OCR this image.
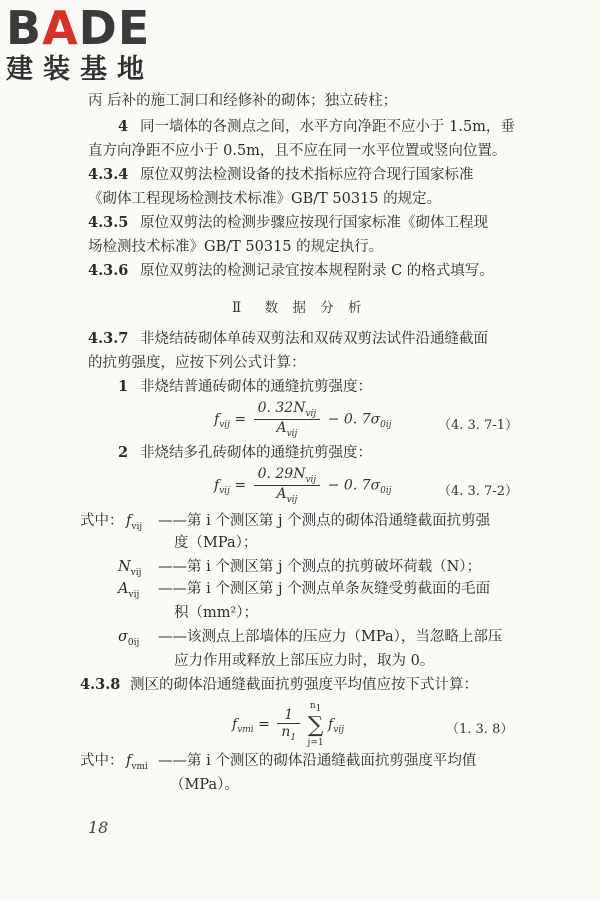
BADE
建装基地
丙 后补的施工洞口和经修补的砌体；独立砖柱；
4 同一墙体的各测点之间，水平方向净距不应小于 1.5m，垂
直方向净距不应小于 0.5m，且不应在同一水平位置或竖向位置。
4.3.4 原位双剪法检测设备的技术指标应符合现行国家标准
《砌体工程现场检测技术标准》GB/T 50315 的规定。
4.3.5 原位双剪法的检测步骤应按现行国家标准《砌体工程现
场检测技术标准》GB/T 50315 的规定执行。
4.3.6 原位双剪法的检测记录宜按本规程附录 C 的格式填写。
Ⅱ　数 据 分 析
4.3.7 非烧结砖砌体单砖双剪法和双砖双剪法试件沿通缝截面
的抗剪强度，应按下列公式计算：
1 非烧结普通砖砌体的通缝抗剪强度：
$f_{vij} = \frac{0. 32N_{vij}}{A_{vij}} - 0$. $7\sigma_{0ij}$	（4. 3. 7-1）
2 非烧结多孔砖砌体的通缝抗剪强度：
$f_{vij} = \frac{0. 29N_{vij}}{A_{vij}} - 0$. $7\sigma_{0ij}$	（4. 3. 7-2）
式中： $f_{vij}$ ——第 i 个测区第 j 个测点的砌体沿通缝截面抗剪强
度（MPa）；
$N_{vij}$ ——第 i 个测区第 j 个测点的抗剪破坏荷载（N）；
$A_{vij}$ ——第 i 个测区第 j 个测点单条灰缝受剪截面的毛面
积（mm²）；
$\sigma_{0ij}$ ——该测点上部墙体的压应力（MPa），当忽略上部压
应力作用或释放上部压应力时，取为 0。
4.3.8 测区的砌体沿通缝截面抗剪强度平均值应按下式计算：
$f_{vmi} = \frac{1}{n_1}$

$n_1$
∑
j=1
$f_{vij}$	（1. 3. 8）
式中： $f_{vmi}$ ——第 i 个测区的砌体沿通缝截面抗剪强度平均值
（MPa）。
18
